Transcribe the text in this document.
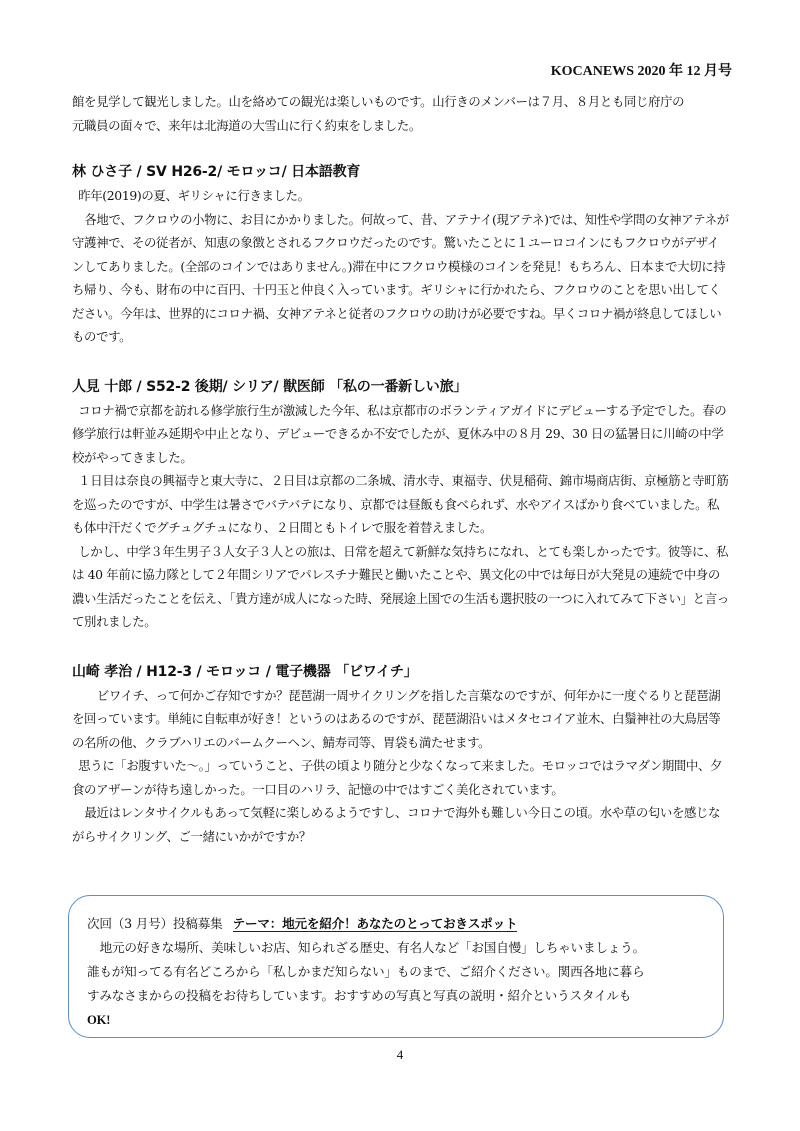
KOCANEWS 2020 年 12 月号

館を見学して観光しました。山を絡めての観光は楽しいものです。山行きのメンバーは７月、８月とも同じ府庁の

元職員の面々で、来年は北海道の大雪山に行く約束をしました。

林 ひさ子 / SV H26-2/ モロッコ/ 日本語教育

昨年(2019)の夏、ギリシャに行きました。

各地で、フクロウの小物に、お目にかかりました。何故って、昔、アテナイ(現アテネ)では、知性や学問の女神アテネが守護神で、その従者が、知恵の象徴とされるフクロウだったのです。驚いたことに１ユーロコインにもフクロウがデザインしてありました。(全部のコインではありません。)滞在中にフクロウ模様のコインを発見！もちろん、日本まで大切に持ち帰り、今も、財布の中に百円、十円玉と仲良く入っています。ギリシャに行かれたら、フクロウのことを思い出してください。今年は、世界的にコロナ禍、女神アテネと従者のフクロウの助けが必要ですね。早くコロナ禍が終息してほしいものです。

人見 十郎 / S52-2 後期/ シリア/ 獣医師 「私の一番新しい旅」

コロナ禍で京都を訪れる修学旅行生が激減した今年、私は京都市のボランティアガイドにデビューする予定でした。春の修学旅行は軒並み延期や中止となり、デビューできるか不安でしたが、夏休み中の８月 29、30 日の猛暑日に川崎の中学校がやってきました。

１日目は奈良の興福寺と東大寺に、２日目は京都の二条城、清水寺、東福寺、伏見稲荷、錦市場商店街、京極筋と寺町筋を巡ったのですが、中学生は暑さでバテバテになり、京都では昼飯も食べられず、水やアイスばかり食べていました。私も体中汗だくでグチュグチュになり、２日間ともトイレで服を着替えました。

しかし、中学３年生男子３人女子３人との旅は、日常を超えて新鮮な気持ちになれ、とても楽しかったです。彼等に、私は 40 年前に協力隊として２年間シリアでパレスチナ難民と働いたことや、異文化の中では毎日が大発見の連続で中身の濃い生活だったことを伝え、「貴方達が成人になった時、発展途上国での生活も選択肢の一つに入れてみて下さい」と言って別れました。

山崎 孝治 / H12-3 / モロッコ / 電子機器 「ビワイチ」

ビワイチ、って何かご存知ですか？琵琶湖一周サイクリングを指した言葉なのですが、何年かに一度ぐるりと琵琶湖を回っています。単純に自転車が好き！というのはあるのですが、琵琶湖沿いはメタセコイア並木、白鬚神社の大鳥居等の名所の他、クラブハリエのバームクーヘン、鯖寿司等、胃袋も満たせます。

思うに「お腹すいた〜。」っていうこと、子供の頃より随分と少なくなって来ました。モロッコではラマダン期間中、夕食のアザーンが待ち遠しかった。一口目のハリラ、記憶の中ではすごく美化されています。

最近はレンタサイクルもあって気軽に楽しめるようですし、コロナで海外も難しい今日この頃。水や草の匂いを感じながらサイクリング、ご一緒にいかがですか？

次回（3 月号）投稿募集 テーマ：地元を紹介！あなたのとっておきスポット

地元の好きな場所、美味しいお店、知られざる歴史、有名人など「お国自慢」しちゃいましょう。

誰もが知ってる有名どころから「私しかまだ知らない」ものまで、ご紹介ください。関西各地に暮ら

すみなさまからの投稿をお待ちしています。おすすめの写真と写真の説明・紹介というスタイルも

OK!

4
